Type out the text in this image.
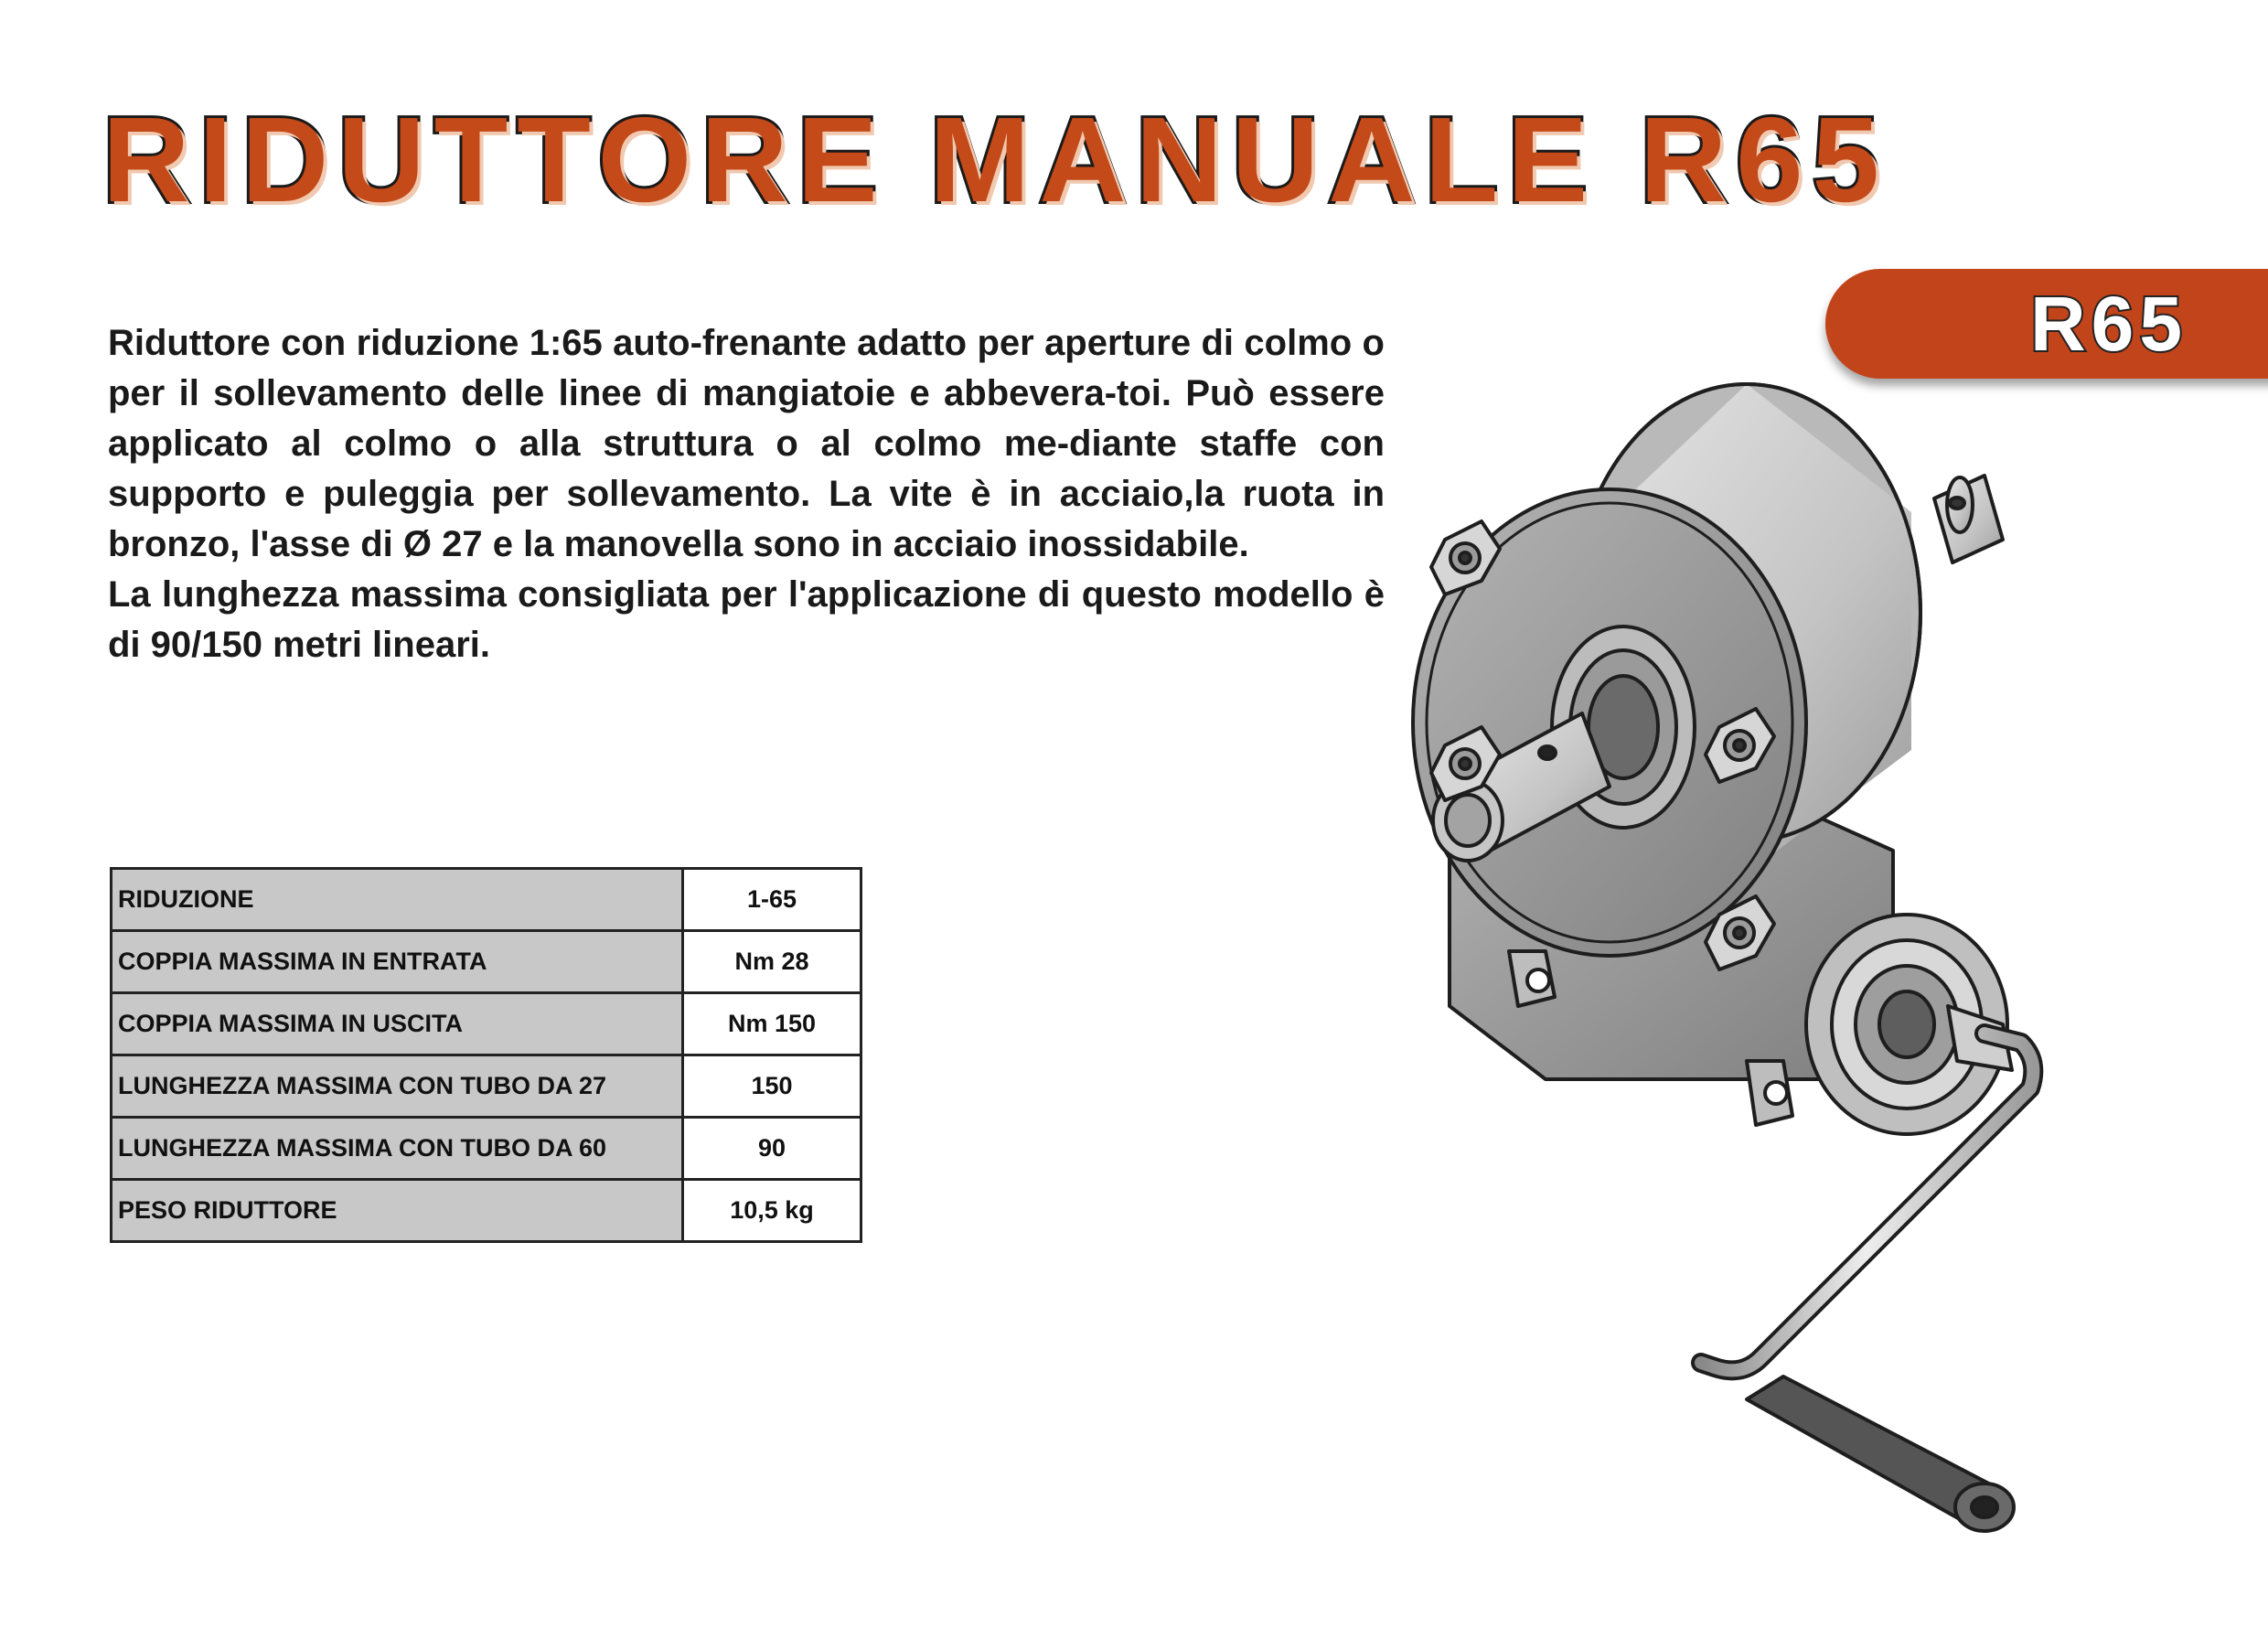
RIDUTTORE MANUALE R65
R65

Riduttore con riduzione 1:65 auto-frenante adatto per aperture di colmo o per il sollevamento delle linee di mangiatoie e abbevera-toi. Può essere applicato al colmo o alla struttura o al colmo me-diante staffe con supporto e puleggia per sollevamento. La vite è in acciaio,la ruota in bronzo, l'asse di Ø 27 e la manovella sono in acciaio inossidabile.

La lunghezza massima consigliata per l'applicazione di questo modello è di 90/150 metri lineari.

RIDUZIONE	1-65
COPPIA MASSIMA IN ENTRATA	Nm 28
COPPIA MASSIMA IN USCITA	Nm 150
LUNGHEZZA MASSIMA CON TUBO DA 27	150
LUNGHEZZA MASSIMA CON TUBO DA 60	90
PESO RIDUTTORE	10,5 kg
